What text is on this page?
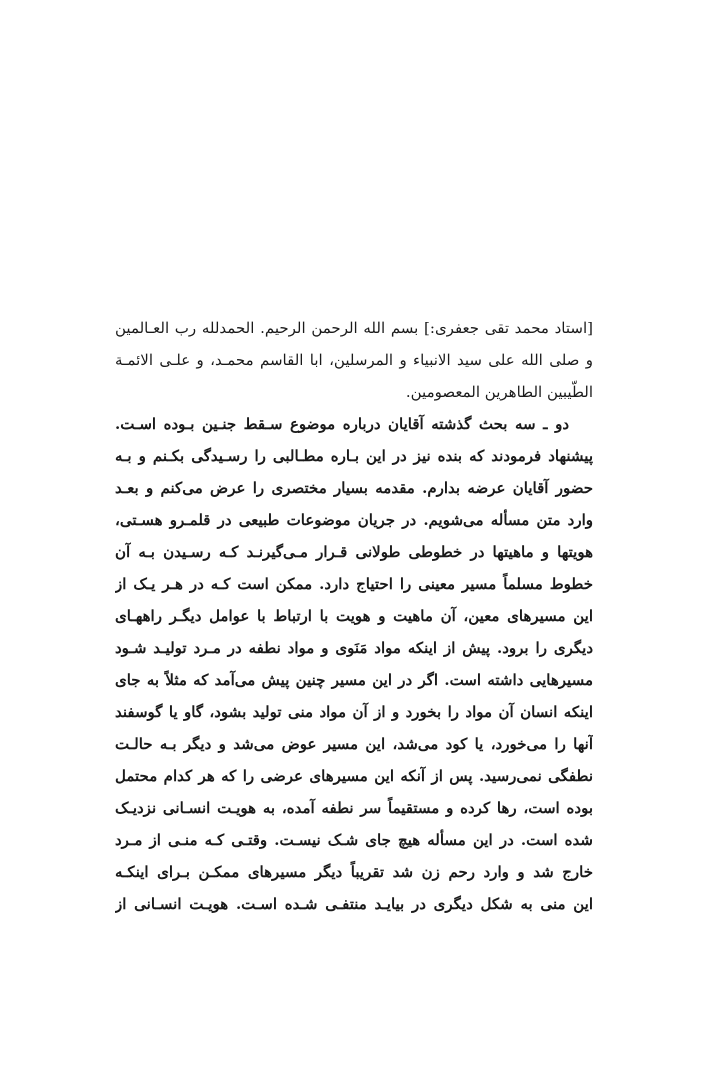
[استاد محمد تقی جعفری:] بسم الله الرحمن الرحیم. الحمدلله رب العـالمین
و صلی الله علی سید الانبیاء و المرسلین، ابا القاسم محمـد، و علـی الائمـة
الطّیبین الطاهرین المعصومین.
دو ـ سه بحث گذشته آقایان درباره موضوع سـقط جنـین بـوده اسـت.
پیشنهاد فرمودند که بنده نیز در این بـاره مطـالبی را رسـیدگی بکـنم و بـه
حضور آقایان عرضه بدارم. مقدمه بسیار مختصری را عرض می‌کنم و بعـد
وارد متن مسأله می‌شویم. در جریان موضوعات طبیعی در قلمـرو هسـتی،
هویتها و ماهیتها در خطوطی طولانی قـرار مـی‌گیرنـد کـه رسـیدن بـه آن
خطوط مسلماً مسیر معینی را احتیاج دارد. ممکن است کـه در هـر یـک از
این مسیرهای معین، آن ماهیت و هویت با ارتباط با عوامل دیگـر راههـای
دیگری را برود. پیش از اینکه مواد مَنَوی و مواد نطفه در مـرد تولیـد شـود
مسیرهایی داشته است. اگر در این مسیر چنین پیش می‌آمد که مثلاً به جای
اینکه انسان آن مواد را بخورد و از آن مواد منی تولید بشود، گاو یا گوسفند
آنها را می‌خورد، یا کود می‌شد، این مسیر عوض می‌شد و دیگر بـه حالـت
نطفگی نمی‌رسید. پس از آنکه این مسیرهای عرضی را که هر کدام محتمل
بوده است، رها کرده و مستقیماً سر نطفه آمده، به هویـت انسـانی نزدیـک
شده است. در این مسأله هیچ جای شـک نیسـت. وقتـی کـه منـی از مـرد
خارج شد و وارد رحم زن شد تقریباً دیگر مسیرهای ممکـن بـرای اینکـه
این منی به شکل دیگری در بیایـد منتفـی شـده اسـت. هویـت انسـانی از
